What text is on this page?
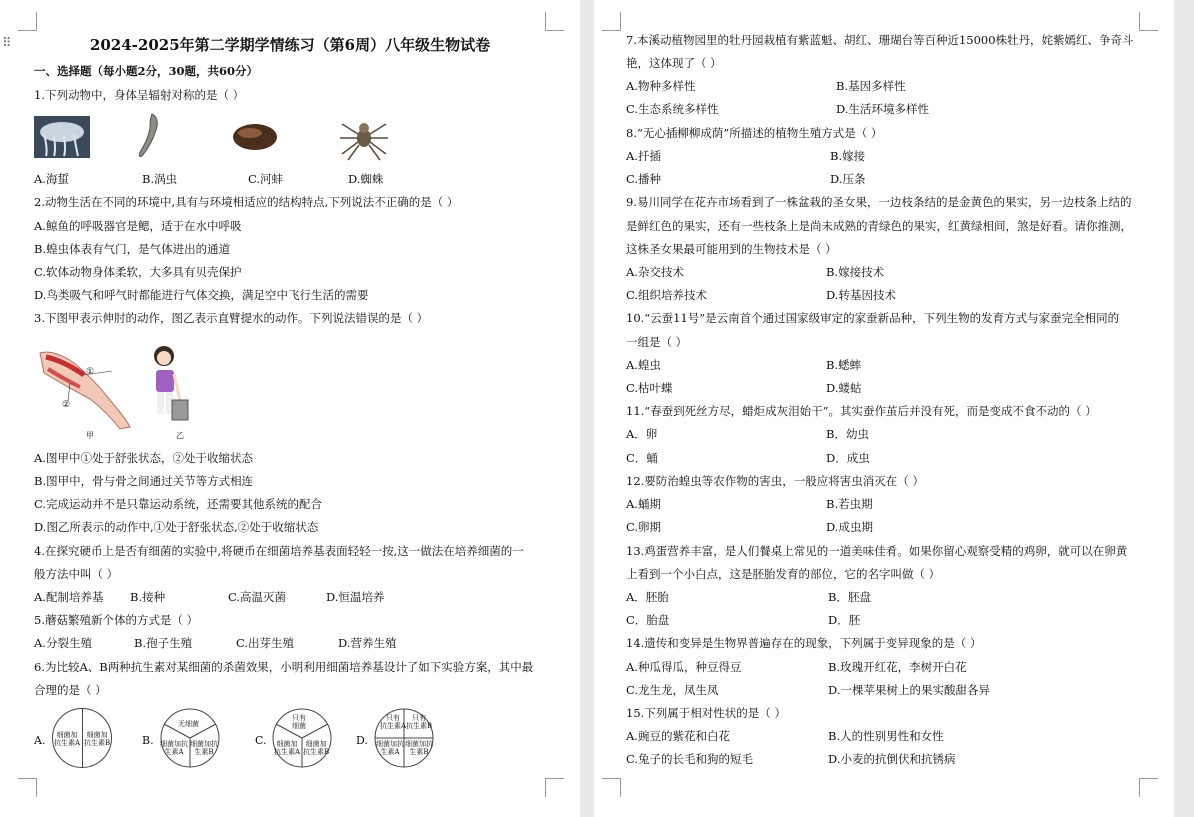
⠿	2024-2025年第二学期学情练习（第6周）八年级生物试卷
一、选择题（每小题2分，30题，共60分）
1.下列动物中，身体呈辐射对称的是（ ）
A.海蜇	B.涡虫	C.河蚌	D.蜘蛛
2.动物生活在不同的环境中,具有与环境相适应的结构特点,下列说法不正确的是（ ）
A.鲸鱼的呼吸器官是鳃，适于在水中呼吸
B.蝗虫体表有气门，是气体进出的通道
C.软体动物身体柔软，大多具有贝壳保护
D.鸟类吸气和呼气时都能进行气体交换，满足空中飞行生活的需要
3.下图甲表示伸肘的动作，图乙表示直臂提水的动作。下列说法错误的是（ ）
①
②
甲	乙
A.图甲中①处于舒张状态，②处于收缩状态
B.图甲中，骨与骨之间通过关节等方式相连
C.完成运动并不是只靠运动系统，还需要其他系统的配合
D.图乙所表示的动作中,①处于舒张状态,②处于收缩状态
4.在探究硬币上是否有细菌的实验中,将硬币在细菌培养基表面轻轻一按,这一做法在培养细菌的一
般方法中叫（ ）
A.配制培养基 B.接种	C.高温灭菌	D.恒温培养
5.蘑菇繁殖新个体的方式是（ ）
A.分裂生殖	B.孢子生殖	C.出芽生殖	D.营养生殖
6.为比较A、B两种抗生素对某细菌的杀菌效果，小明利用细菌培养基设计了如下实验方案，其中最
合理的是（ ）
A.	细菌加
抗生素A
细菌加
抗生素B	B.
无细菌
细菌加抗
生素A
细菌加抗
生素B
C.
只有
细菌
细菌加
抗生素A
细菌加
抗生素B
D.
只有
抗生素A
只有
抗生素B
细菌加抗
生素A
细菌加抗
生素B
7.本溪动植物园里的牡丹园栽植有紫蓝魁、胡红、珊瑚台等百种近15000株牡丹，姹紫嫣红、争奇斗
艳，这体现了（ ）
A.物种多样性	B.基因多样性
C.生态系统多样性	D.生活环境多样性
8.“无心插柳柳成荫”所描述的植物生殖方式是（ ）
A.扦插	B.嫁接
C.播种	D.压条
9.易川同学在花卉市场看到了一株盆栽的圣女果，一边枝条结的是金黄色的果实，另一边枝条上结的
是鲜红色的果实，还有一些枝条上是尚未成熟的青绿色的果实，红黄绿相间，煞是好看。请你推测，
这株圣女果最可能用到的生物技术是（ ）
A.杂交技术	B.嫁接技术
C.组织培养技术	D.转基因技术
10.“云蚕11号”是云南首个通过国家级审定的家蚕新品种，下列生物的发育方式与家蚕完全相同的
一组是（ ）
A.蝗虫	B.蟋蟀
C.枯叶蝶	D.蝼蛄
11.“春蚕到死丝方尽，蜡炬成灰泪始干”。其实蚕作茧后并没有死，而是变成不食不动的（ ）
A．卵	B．幼虫
C．蛹	D．成虫
12.要防治蝗虫等农作物的害虫，一般应将害虫消灭在（ ）
A.蛹期	B.若虫期
C.卵期	D.成虫期
13.鸡蛋营养丰富，是人们餐桌上常见的一道美味佳肴。如果你留心观察受精的鸡卵，就可以在卵黄
上看到一个小白点，这是胚胎发育的部位，它的名字叫做（ ）
A．胚胎	B．胚盘
C．胎盘	D．胚
14.遗传和变异是生物界普遍存在的现象，下列属于变异现象的是（ ）
A.种瓜得瓜，种豆得豆	B.玫瑰开红花，李树开白花
C.龙生龙，凤生凤	D.一棵苹果树上的果实酸甜各异
15.下列属于相对性状的是（ ）
A.豌豆的紫花和白花	B.人的性别男性和女性
C.兔子的长毛和狗的短毛	D.小麦的抗倒伏和抗锈病
